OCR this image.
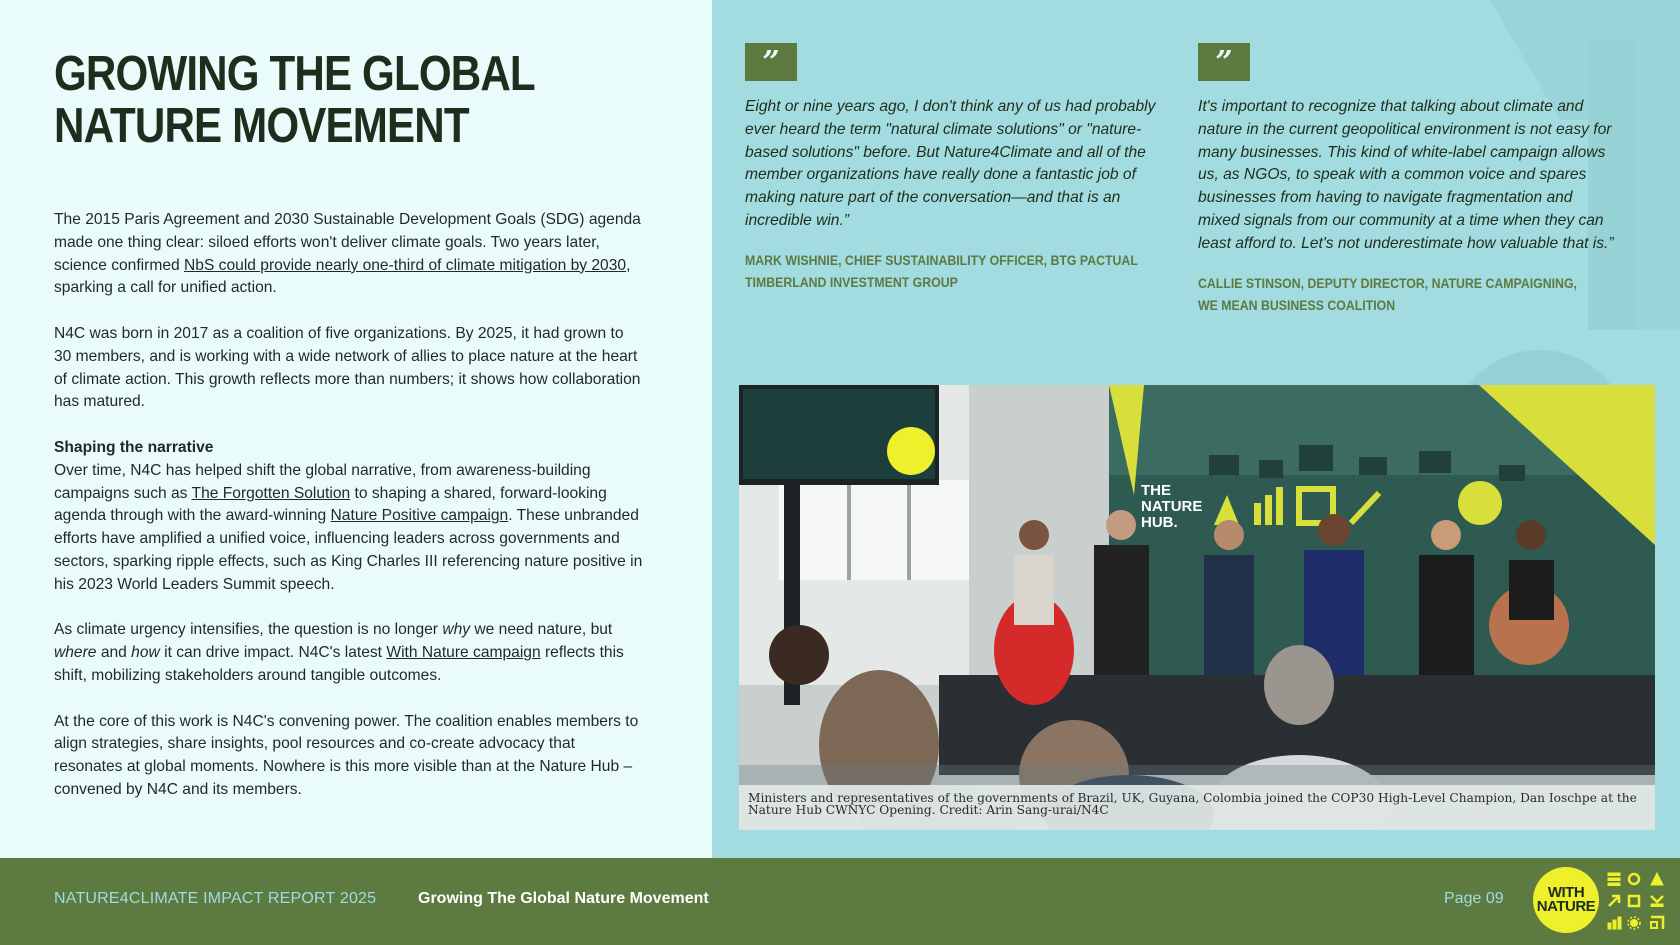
GROWING THE GLOBAL
NATURE MOVEMENT

The 2015 Paris Agreement and 2030 Sustainable Development Goals (SDG) agenda made one thing clear: siloed efforts won't deliver climate goals. Two years later, science confirmed NbS could provide nearly one-third of climate mitigation by 2030, sparking a call for unified action.

N4C was born in 2017 as a coalition of five organizations. By 2025, it had grown to 30 members, and is working with a wide network of allies to place nature at the heart of climate action. This growth reflects more than numbers; it shows how collaboration has matured.

Shaping the narrative
Over time, N4C has helped shift the global narrative, from awareness-building campaigns such as The Forgotten Solution to shaping a shared, forward-looking agenda through with the award-winning Nature Positive campaign. These unbranded efforts have amplified a unified voice, influencing leaders across governments and sectors, sparking ripple effects, such as King Charles III referencing nature positive in his 2023 World Leaders Summit speech.

As climate urgency intensifies, the question is no longer why we need nature, but where and how it can drive impact. N4C's latest With Nature campaign reflects this shift, mobilizing stakeholders around tangible outcomes.

At the core of this work is N4C's convening power. The coalition enables members to align strategies, share insights, pool resources and co-create advocacy that resonates at global moments. Nowhere is this more visible than at the Nature Hub – convened by N4C and its members.

”
Eight or nine years ago, I don't think any of us had probably ever heard the term "natural climate solutions" or "nature-based solutions" before. But Nature4Climate and all of the member organizations have really done a fantastic job of making nature part of the conversation—and that is an incredible win.”
MARK WISHNIE, CHIEF SUSTAINABILITY OFFICER, BTG PACTUAL
TIMBERLAND INVESTMENT GROUP
”
It's important to recognize that talking about climate and nature in the current geopolitical environment is not easy for many businesses. This kind of white-label campaign allows us, as NGOs, to speak with a common voice and spares businesses from having to navigate fragmentation and mixed signals from our community at a time when they can least afford to. Let's not underestimate how valuable that is.”
CALLIE STINSON, DEPUTY DIRECTOR, NATURE CAMPAIGNING,
WE MEAN BUSINESS COALITION
THE
NATURE
HUB.
Ministers and representatives of the governments of Brazil, UK, Guyana, Colombia joined the COP30 High-Level Champion, Dan Ioschpe at the Nature Hub CWNYC Opening. Credit: Arin Sang-urai/N4C
NATURE4CLIMATE IMPACT REPORT 2025	Growing The Global Nature Movement	Page 09	WITH
NATURE
